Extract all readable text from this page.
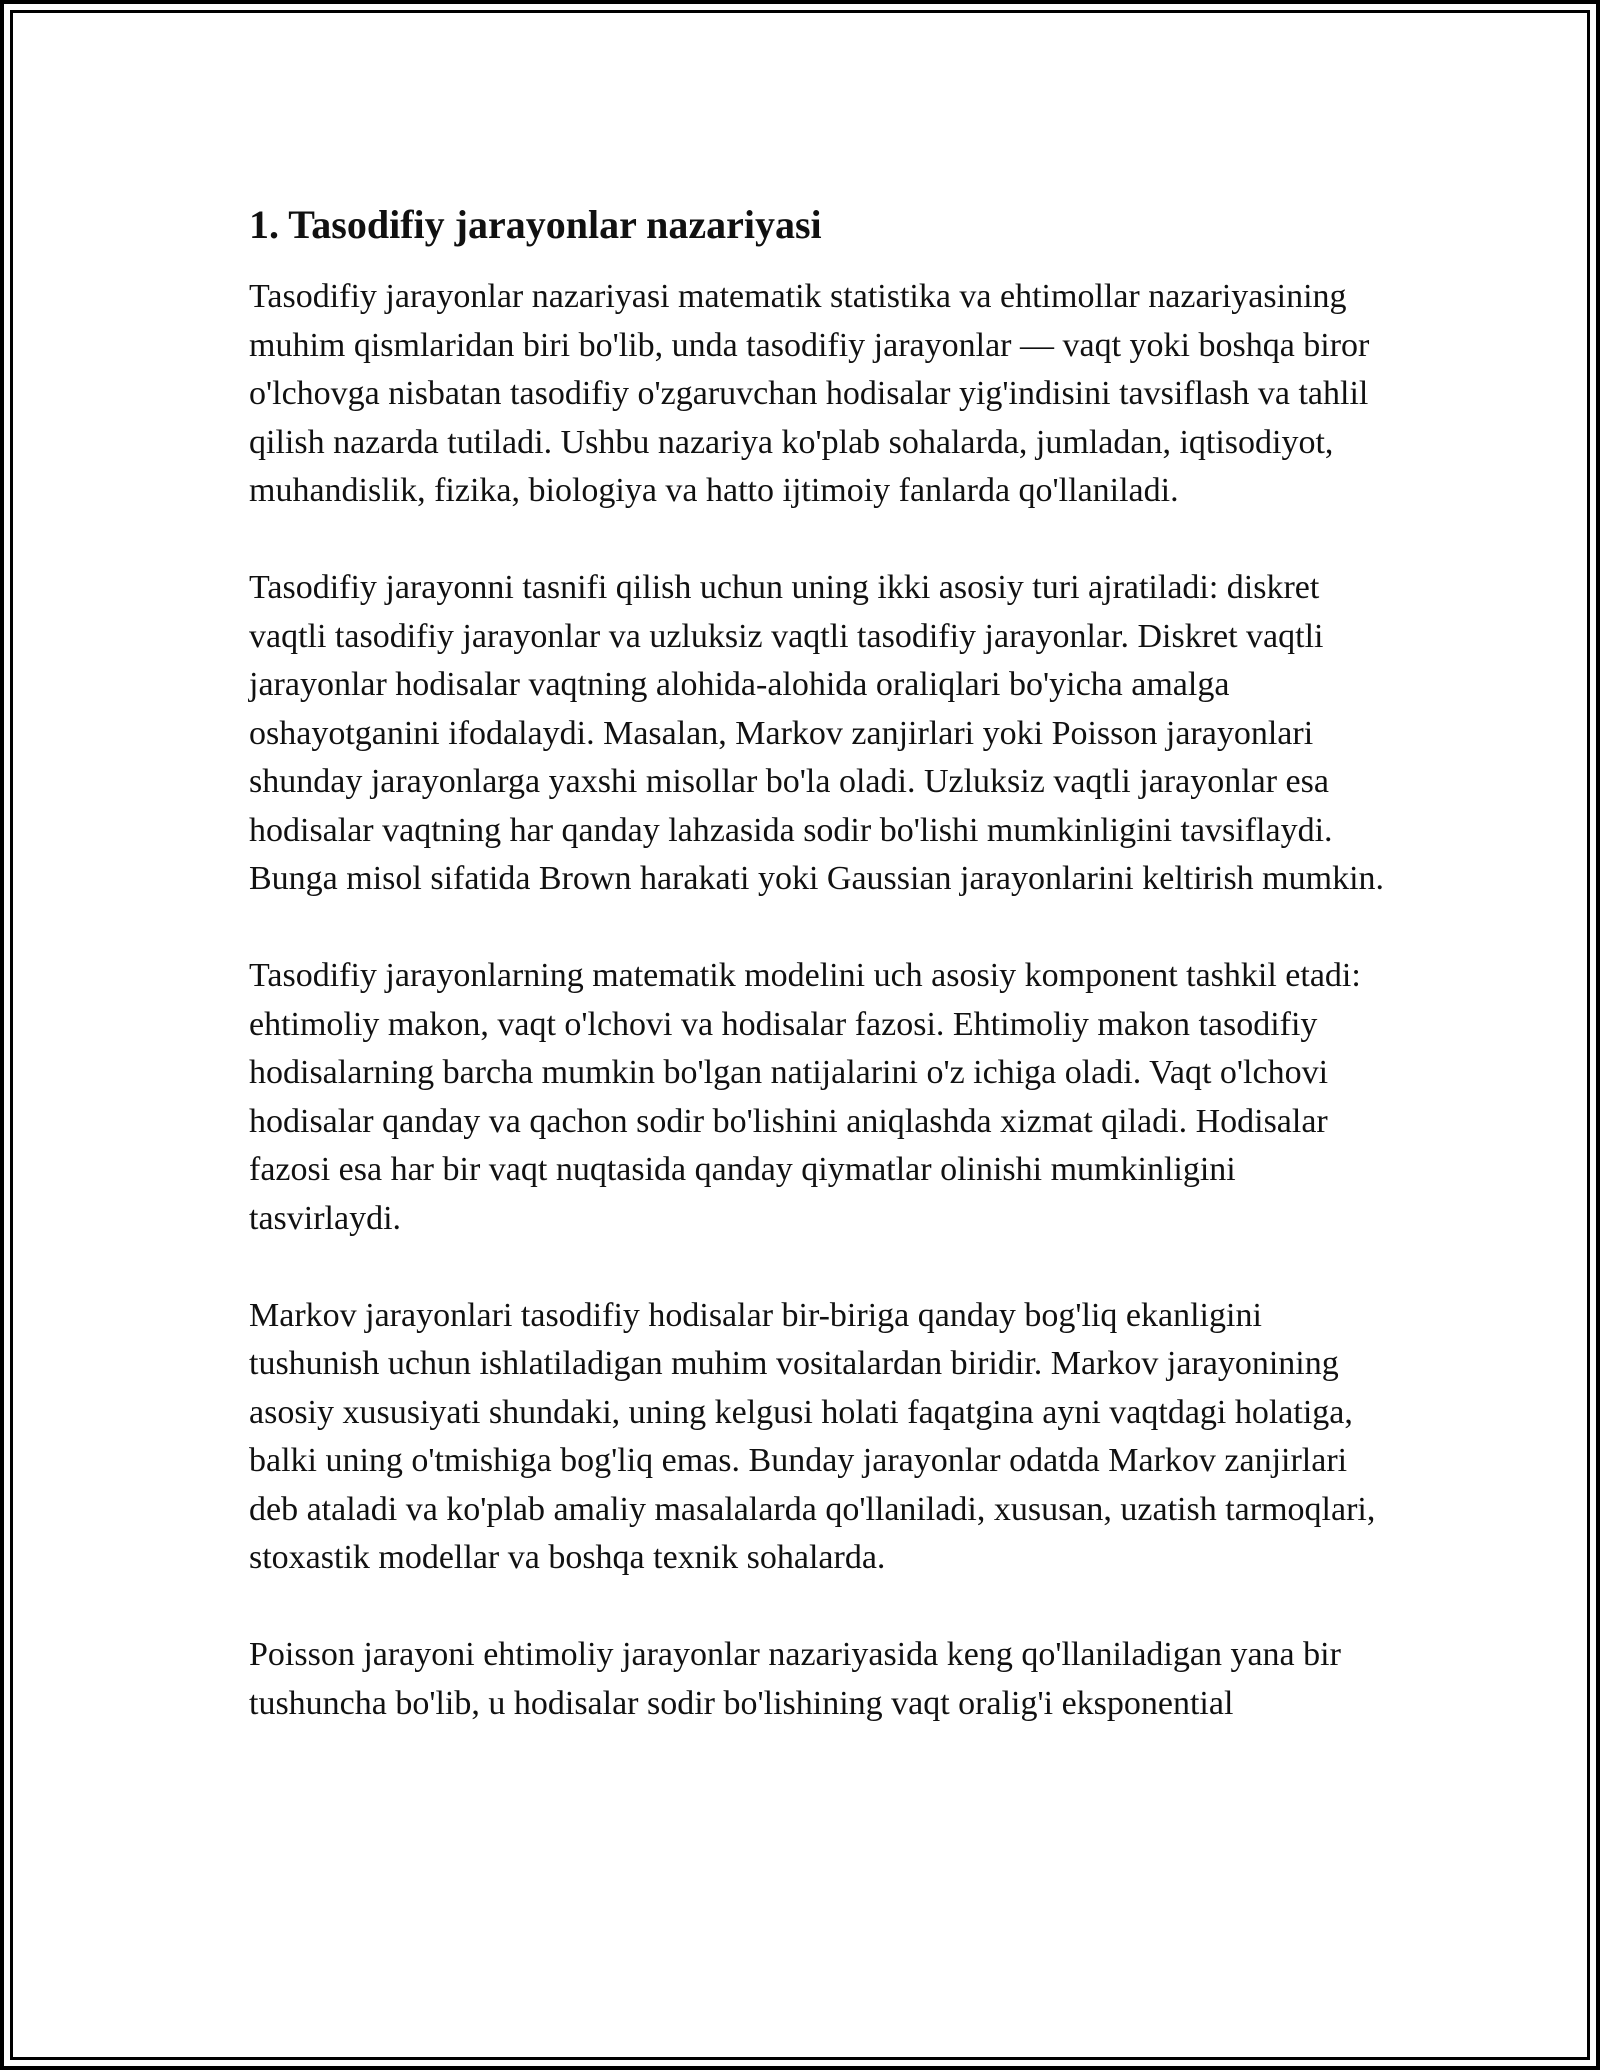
1. Tasodifiy jarayonlar nazariyasi

Tasodifiy jarayonlar nazariyasi matematik statistika va ehtimollar nazariyasining muhim qismlaridan biri bo'lib, unda tasodifiy jarayonlar — vaqt yoki boshqa biror o'lchovga nisbatan tasodifiy o'zgaruvchan hodisalar yig'indisini tavsiflash va tahlil qilish nazarda tutiladi. Ushbu nazariya ko'plab sohalarda, jumladan, iqtisodiyot, muhandislik, fizika, biologiya va hatto ijtimoiy fanlarda qo'llaniladi.

Tasodifiy jarayonni tasnifi qilish uchun uning ikki asosiy turi ajratiladi: diskret vaqtli tasodifiy jarayonlar va uzluksiz vaqtli tasodifiy jarayonlar. Diskret vaqtli jarayonlar hodisalar vaqtning alohida-alohida oraliqlari bo'yicha amalga oshayotganini ifodalaydi. Masalan, Markov zanjirlari yoki Poisson jarayonlari shunday jarayonlarga yaxshi misollar bo'la oladi. Uzluksiz vaqtli jarayonlar esa hodisalar vaqtning har qanday lahzasida sodir bo'lishi mumkinligini tavsiflaydi. Bunga misol sifatida Brown harakati yoki Gaussian jarayonlarini keltirish mumkin.

Tasodifiy jarayonlarning matematik modelini uch asosiy komponent tashkil etadi: ehtimoliy makon, vaqt o'lchovi va hodisalar fazosi. Ehtimoliy makon tasodifiy hodisalarning barcha mumkin bo'lgan natijalarini o'z ichiga oladi. Vaqt o'lchovi hodisalar qanday va qachon sodir bo'lishini aniqlashda xizmat qiladi. Hodisalar fazosi esa har bir vaqt nuqtasida qanday qiymatlar olinishi mumkinligini tasvirlaydi.

Markov jarayonlari tasodifiy hodisalar bir-biriga qanday bog'liq ekanligini tushunish uchun ishlatiladigan muhim vositalardan biridir. Markov jarayonining asosiy xususiyati shundaki, uning kelgusi holati faqatgina ayni vaqtdagi holatiga, balki uning o'tmishiga bog'liq emas. Bunday jarayonlar odatda Markov zanjirlari deb ataladi va ko'plab amaliy masalalarda qo'llaniladi, xususan, uzatish tarmoqlari, stoxastik modellar va boshqa texnik sohalarda.

Poisson jarayoni ehtimoliy jarayonlar nazariyasida keng qo'llaniladigan yana bir tushuncha bo'lib, u hodisalar sodir bo'lishining vaqt oralig'i eksponential
